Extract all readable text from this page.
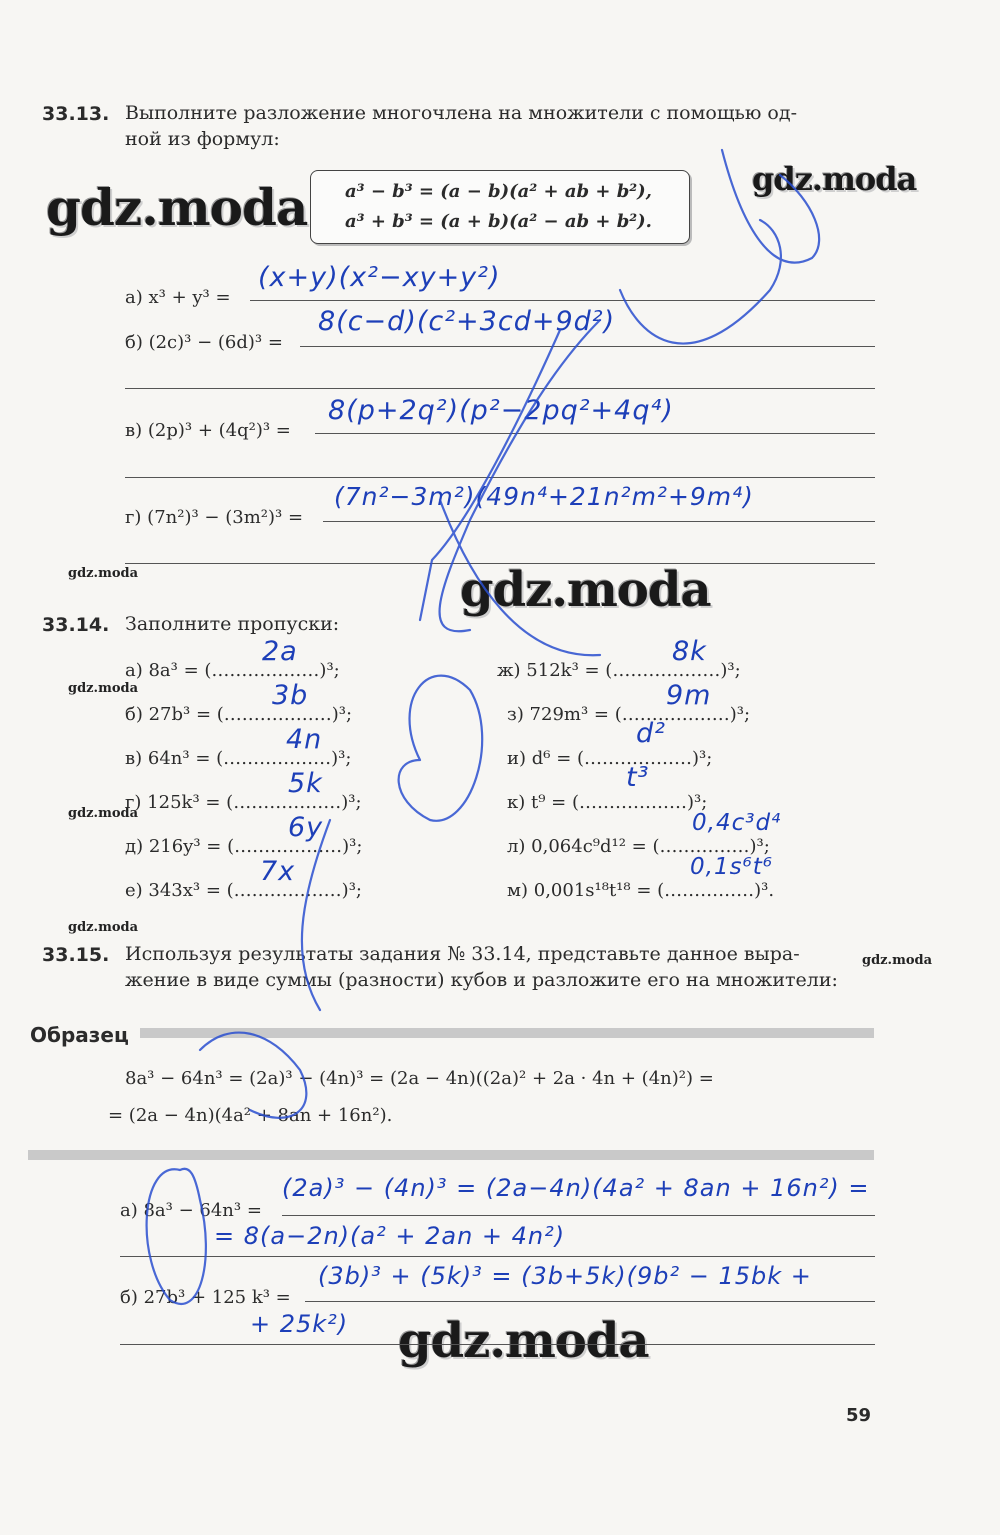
gdz.moda	gdz.moda
gdz.moda
gdz.moda
gdz.moda
gdz.moda
gdz.moda
gdz.moda
gdz.moda
33.13. Выполните разложение многочлена на множители с помощью од-
ной из формул:
a³ − b³ = (a − b)(a² + ab + b²),
a³ + b³ = (a + b)(a² − ab + b²).
а) x³ + y³ =
(x+y)(x²−xy+y²)
б) (2c)³ − (6d)³ =
8(c−d)(c²+3cd+9d²)
в) (2p)³ + (4q²)³ =
8(p+2q²)(p²−2pq²+4q⁴)
г) (7n²)³ − (3m²)³ =
(7n²−3m²)(49n⁴+21n²m²+9m⁴)
33.14. Заполните пропуски:
а) 8a³ = (………………)³;
2a
б) 27b³ = (………………)³;
3b
в) 64n³ = (………………)³;
4n
г) 125k³ = (………………)³;
5k
д) 216y³ = (………………)³;
6y
е) 343x³ = (………………)³;
7x
ж) 512k³ = (………………)³;
8k
з) 729m³ = (………………)³;
9m
и) d⁶ = (………………)³;
d²
к) t⁹ = (………………)³;
t³
л) 0,064c⁹d¹² = (……………)³;
0,4c³d⁴
м) 0,001s¹⁸t¹⁸ = (……………)³.
0,1s⁶t⁶
33.15. Используя результаты задания № 33.14, представьте данное выра-
жение в виде суммы (разности) кубов и разложите его на множители:
Образец
8a³ − 64n³ = (2a)³ − (4n)³ = (2a − 4n)((2a)² + 2a · 4n + (4n)²) =
= (2a − 4n)(4a² + 8an + 16n²).
а) 8a³ − 64n³ =
(2a)³ − (4n)³ = (2a−4n)(4a² + 8an + 16n²) =
= 8(a−2n)(a² + 2an + 4n²)
б) 27b³ + 125 k³ =
(3b)³ + (5k)³ = (3b+5k)(9b² − 15bk +
+ 25k²)
59
